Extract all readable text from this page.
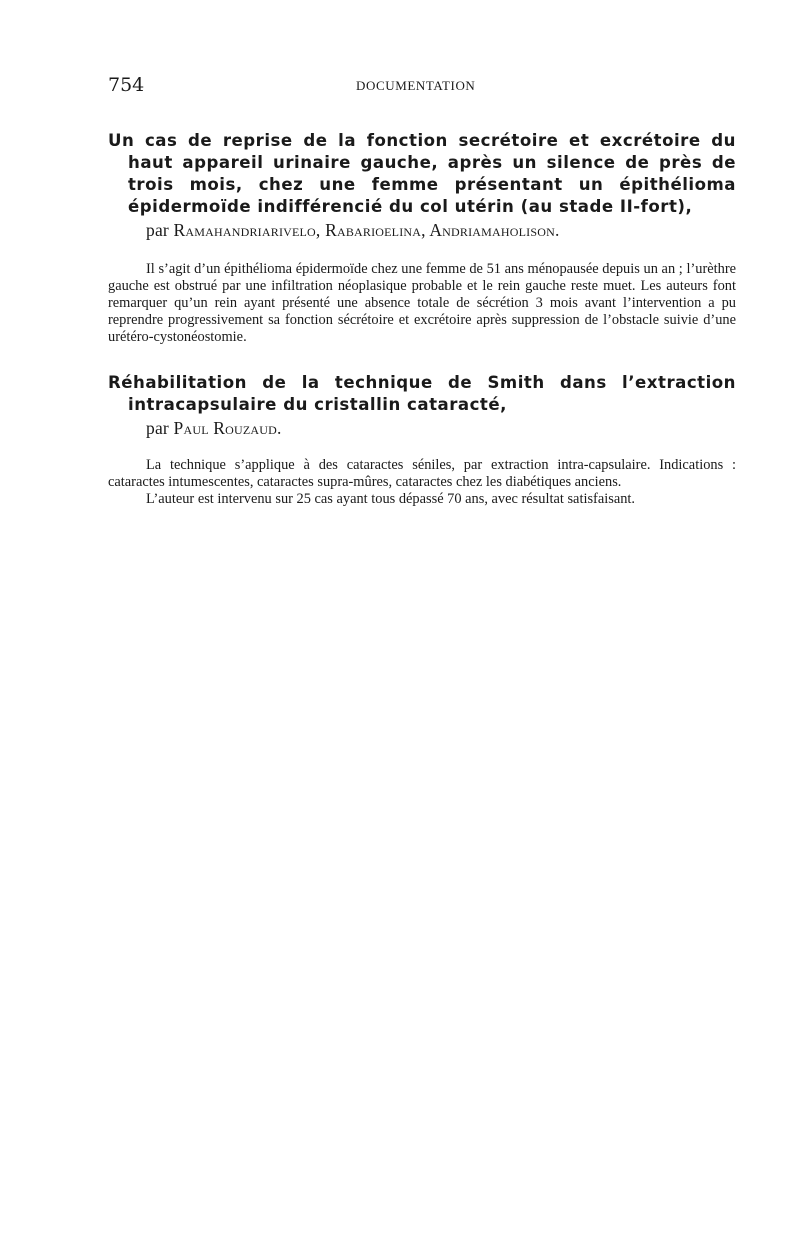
754	DOCUMENTATION
Un cas de reprise de la fonction secrétoire et excrétoire du haut appareil urinaire gauche, après un silence de près de trois mois, chez une femme présentant un épithélioma épidermoïde indifférencié du col utérin (au stade II-fort),
par Ramahandriarivelo, Rabarioelina, Andriamaholison.

Il s’agit d’un épithélioma épidermoïde chez une femme de 51 ans ménopausée depuis un an ; l’urèthre gauche est obstrué par une infiltration néoplasique probable et le rein gauche reste muet. Les auteurs font remarquer qu’un rein ayant présenté une absence totale de sécrétion 3 mois avant l’intervention a pu reprendre progressivement sa fonction sécrétoire et excrétoire après suppression de l’obstacle suivie d’une urétéro-cystonéostomie.

Réhabilitation de la technique de Smith dans l’extraction intracapsulaire du cristallin cataracté,
par Paul Rouzaud.

La technique s’applique à des cataractes séniles, par extraction intra-capsulaire. Indications : cataractes intumescentes, cataractes supra-mûres, cataractes chez les diabétiques anciens.

L’auteur est intervenu sur 25 cas ayant tous dépassé 70 ans, avec résultat satisfaisant.
